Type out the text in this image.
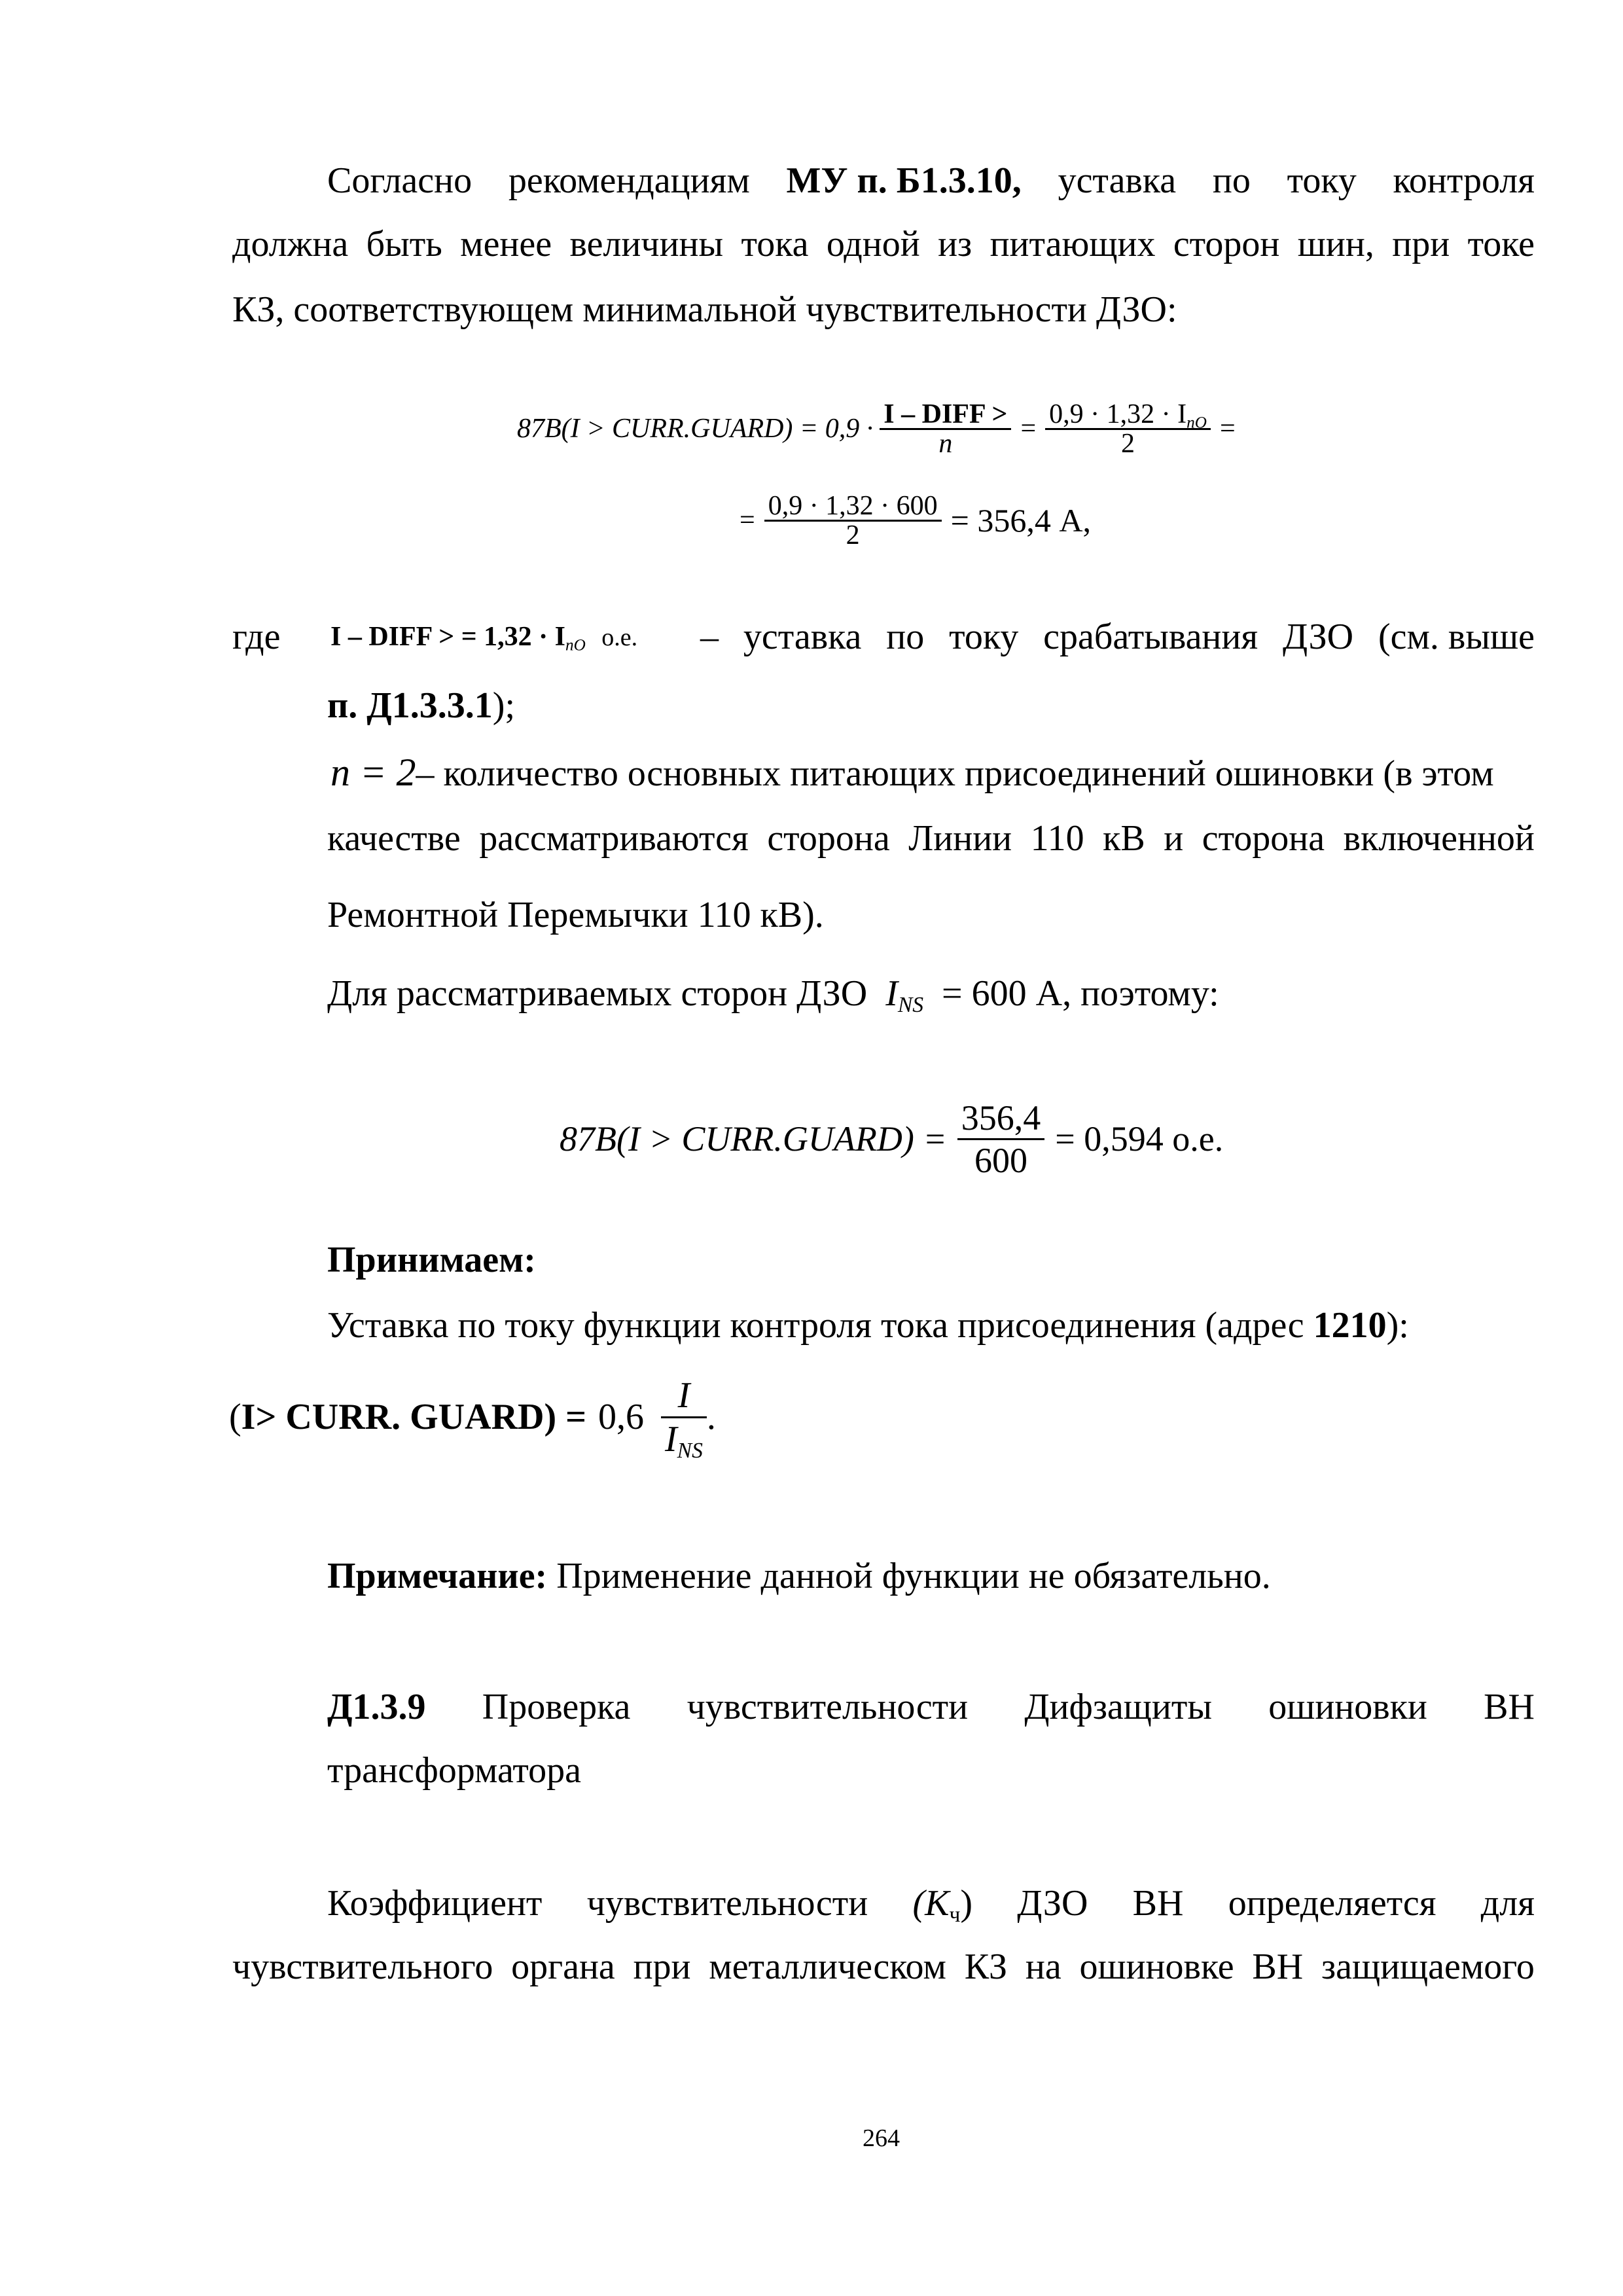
Согласно рекомендациям МУ п. Б1.3.10, уставка по току контроля
должна быть менее величины тока одной из питающих сторон шин, при токе
КЗ, соответствующем минимальной чувствительности ДЗО:
87B(I > CURR.GUARD) = $0,9 \cdot \frac{\text{I – DIFF >}}{n} = \frac{0,9 \cdot 1,32 \cdot I_{nO}}{2}$ =
= $\frac{0,9 \cdot 1,32 \cdot 600}{2} = 356,4$ А,
где I – DIFF > = $1,32 \cdot I_{nO}$ о.е. – уставка по току срабатывания ДЗО (см. выше
п. Д1.3.3.1);
n = 2– количество основных питающих присоединений ошиновки (в этом
качестве рассматриваются сторона Линии 110 кВ и сторона включенной
Ремонтной Перемычки 110 кВ).
Для рассматриваемых сторон ДЗО $I_{NS} = 600$ А, поэтому:
87B(I > CURR.GUARD) = $\frac{356,4}{600} = 0,594$ о.е.
Принимаем:
Уставка по току функции контроля тока присоединения (адрес 1210):
( I> CURR. GUARD ) = $0,6 \frac{I}{I_{NS}}$ .
Примечание: Применение данной функции не обязательно.
Д1.3.9 Проверка чувствительности Дифзащиты ошиновки ВН
трансформатора
Коэффициент чувствительности $(K_ч)$ ДЗО ВН определяется для
чувствительного органа при металлическом КЗ на ошиновке ВН защищаемого
264
